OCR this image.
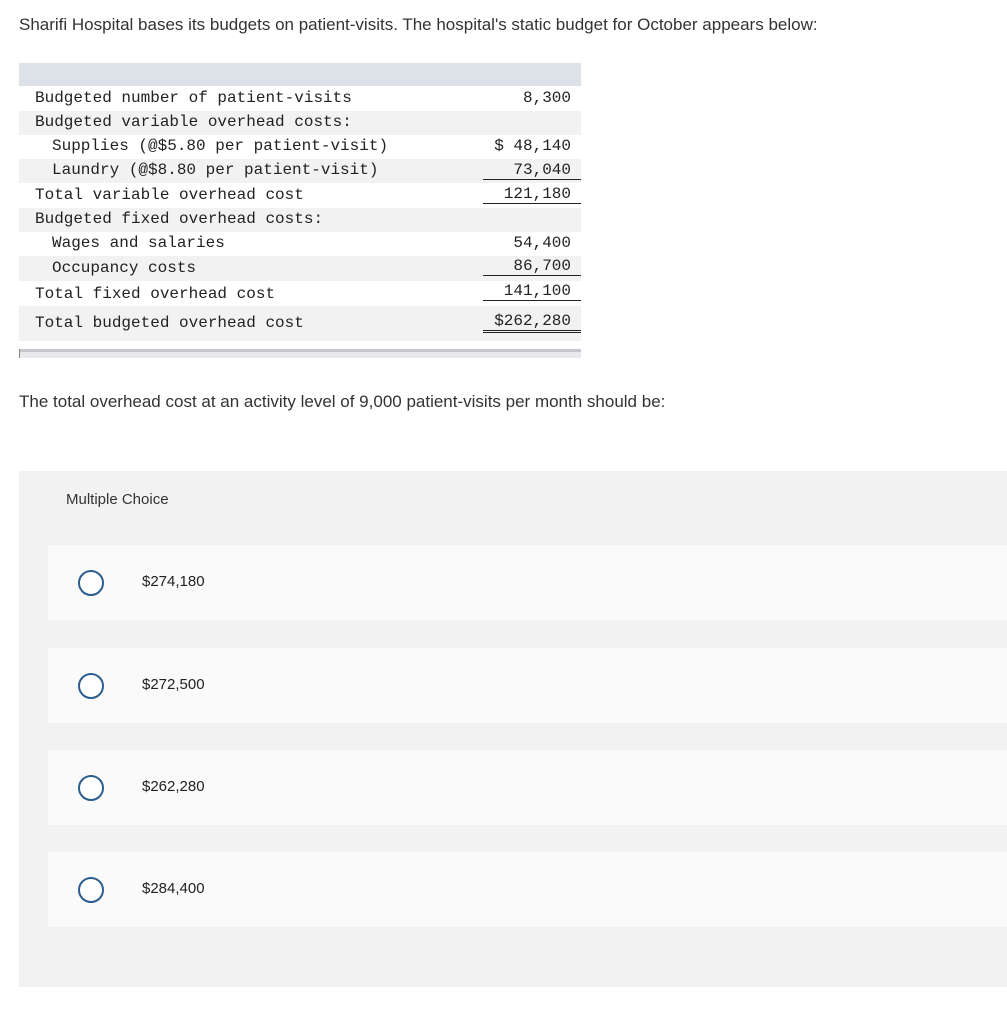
Sharifi Hospital bases its budgets on patient-visits. The hospital's static budget for October appears below:
Budgeted number of patient-visits	8,300
Budgeted variable overhead costs:
Supplies (@$5.80 per patient-visit)	$ 48,140
Laundry (@$8.80 per patient-visit)	73,040
Total variable overhead cost	121,180
Budgeted fixed overhead costs:
Wages and salaries	54,400
Occupancy costs	86,700
Total fixed overhead cost	141,100
Total budgeted overhead cost	$262,280
The total overhead cost at an activity level of 9,000 patient-visits per month should be:
Multiple Choice
$274,180
$272,500
$262,280
$284,400
